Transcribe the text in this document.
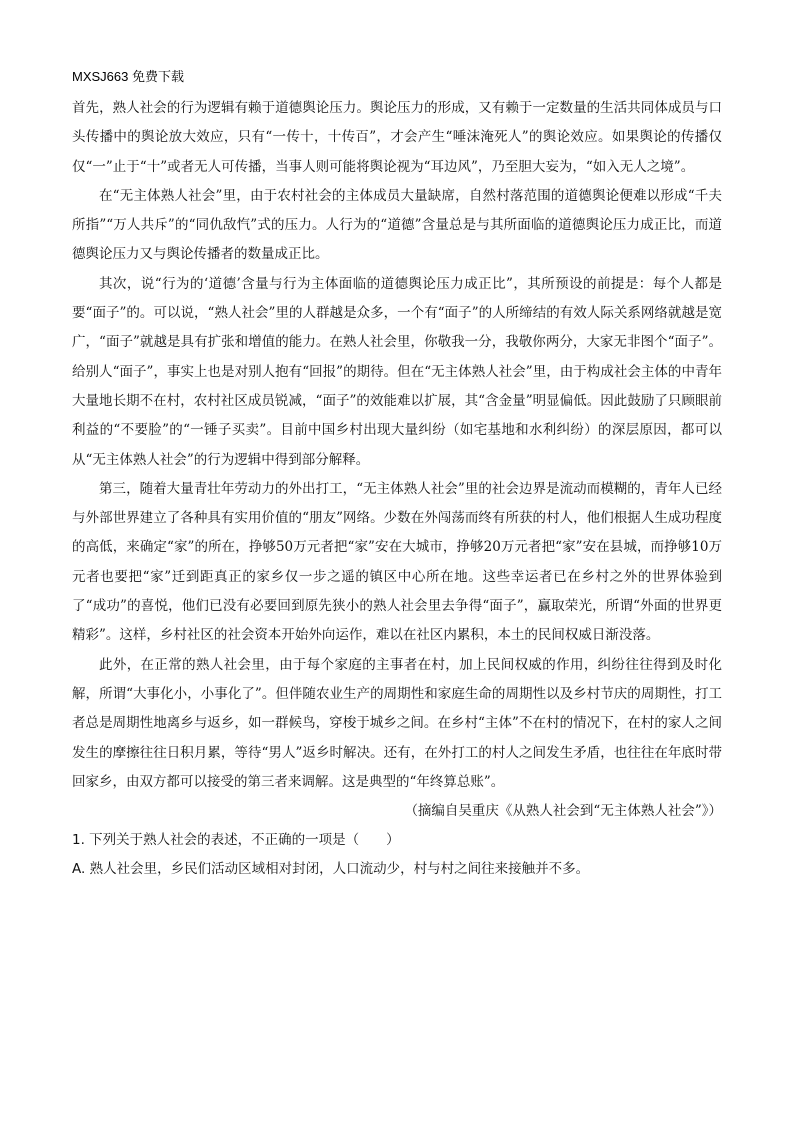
MXSJ663 免费下载

首先，熟人社会的行为逻辑有赖于道德舆论压力。舆论压力的形成，又有赖于一定数量的生活共同体成员与口头传播中的舆论放大效应，只有“一传十，十传百”，才会产生“唾沫淹死人”的舆论效应。如果舆论的传播仅仅“一”止于“十”或者无人可传播，当事人则可能将舆论视为“耳边风”，乃至胆大妄为，“如入无人之境”。

在“无主体熟人社会”里，由于农村社会的主体成员大量缺席，自然村落范围的道德舆论便难以形成“千夫所指”“万人共斥”的“同仇敌忾”式的压力。人行为的“道德”含量总是与其所面临的道德舆论压力成正比，而道德舆论压力又与舆论传播者的数量成正比。

其次，说“行为的‘道德’含量与行为主体面临的道德舆论压力成正比”，其所预设的前提是：每个人都是要“面子”的。可以说，“熟人社会”里的人群越是众多，一个有“面子”的人所缔结的有效人际关系网络就越是宽广，“面子”就越是具有扩张和增值的能力。在熟人社会里，你敬我一分，我敬你两分，大家无非图个“面子”。给别人“面子”，事实上也是对别人抱有“回报”的期待。但在“无主体熟人社会”里，由于构成社会主体的中青年大量地长期不在村，农村社区成员锐减，“面子”的效能难以扩展，其“含金量”明显偏低。因此鼓励了只顾眼前利益的“不要脸”的“一锤子买卖”。目前中国乡村出现大量纠纷（如宅基地和水利纠纷）的深层原因，都可以从“无主体熟人社会”的行为逻辑中得到部分解释。

第三，随着大量青壮年劳动力的外出打工，“无主体熟人社会”里的社会边界是流动而模糊的，青年人已经与外部世界建立了各种具有实用价值的“朋友”网络。少数在外闯荡而终有所获的村人，他们根据人生成功程度的高低，来确定“家”的所在，挣够50万元者把“家”安在大城市，挣够20万元者把“家”安在县城，而挣够10万元者也要把“家”迁到距真正的家乡仅一步之遥的镇区中心所在地。这些幸运者已在乡村之外的世界体验到了“成功”的喜悦，他们已没有必要回到原先狭小的熟人社会里去争得“面子”，赢取荣光，所谓“外面的世界更精彩”。这样，乡村社区的社会资本开始外向运作，难以在社区内累积，本土的民间权威日渐没落。

此外，在正常的熟人社会里，由于每个家庭的主事者在村，加上民间权威的作用，纠纷往往得到及时化解，所谓“大事化小，小事化了”。但伴随农业生产的周期性和家庭生命的周期性以及乡村节庆的周期性，打工者总是周期性地离乡与返乡，如一群候鸟，穿梭于城乡之间。在乡村“主体”不在村的情况下，在村的家人之间发生的摩擦往往日积月累，等待“男人”返乡时解决。还有，在外打工的村人之间发生矛盾，也往往在年底时带回家乡，由双方都可以接受的第三者来调解。这是典型的“年终算总账”。

（摘编自吴重庆《从熟人社会到“无主体熟人社会”》）

1. 下列关于熟人社会的表述，不正确的一项是（　　）

A. 熟人社会里，乡民们活动区域相对封闭，人口流动少，村与村之间往来接触并不多。
